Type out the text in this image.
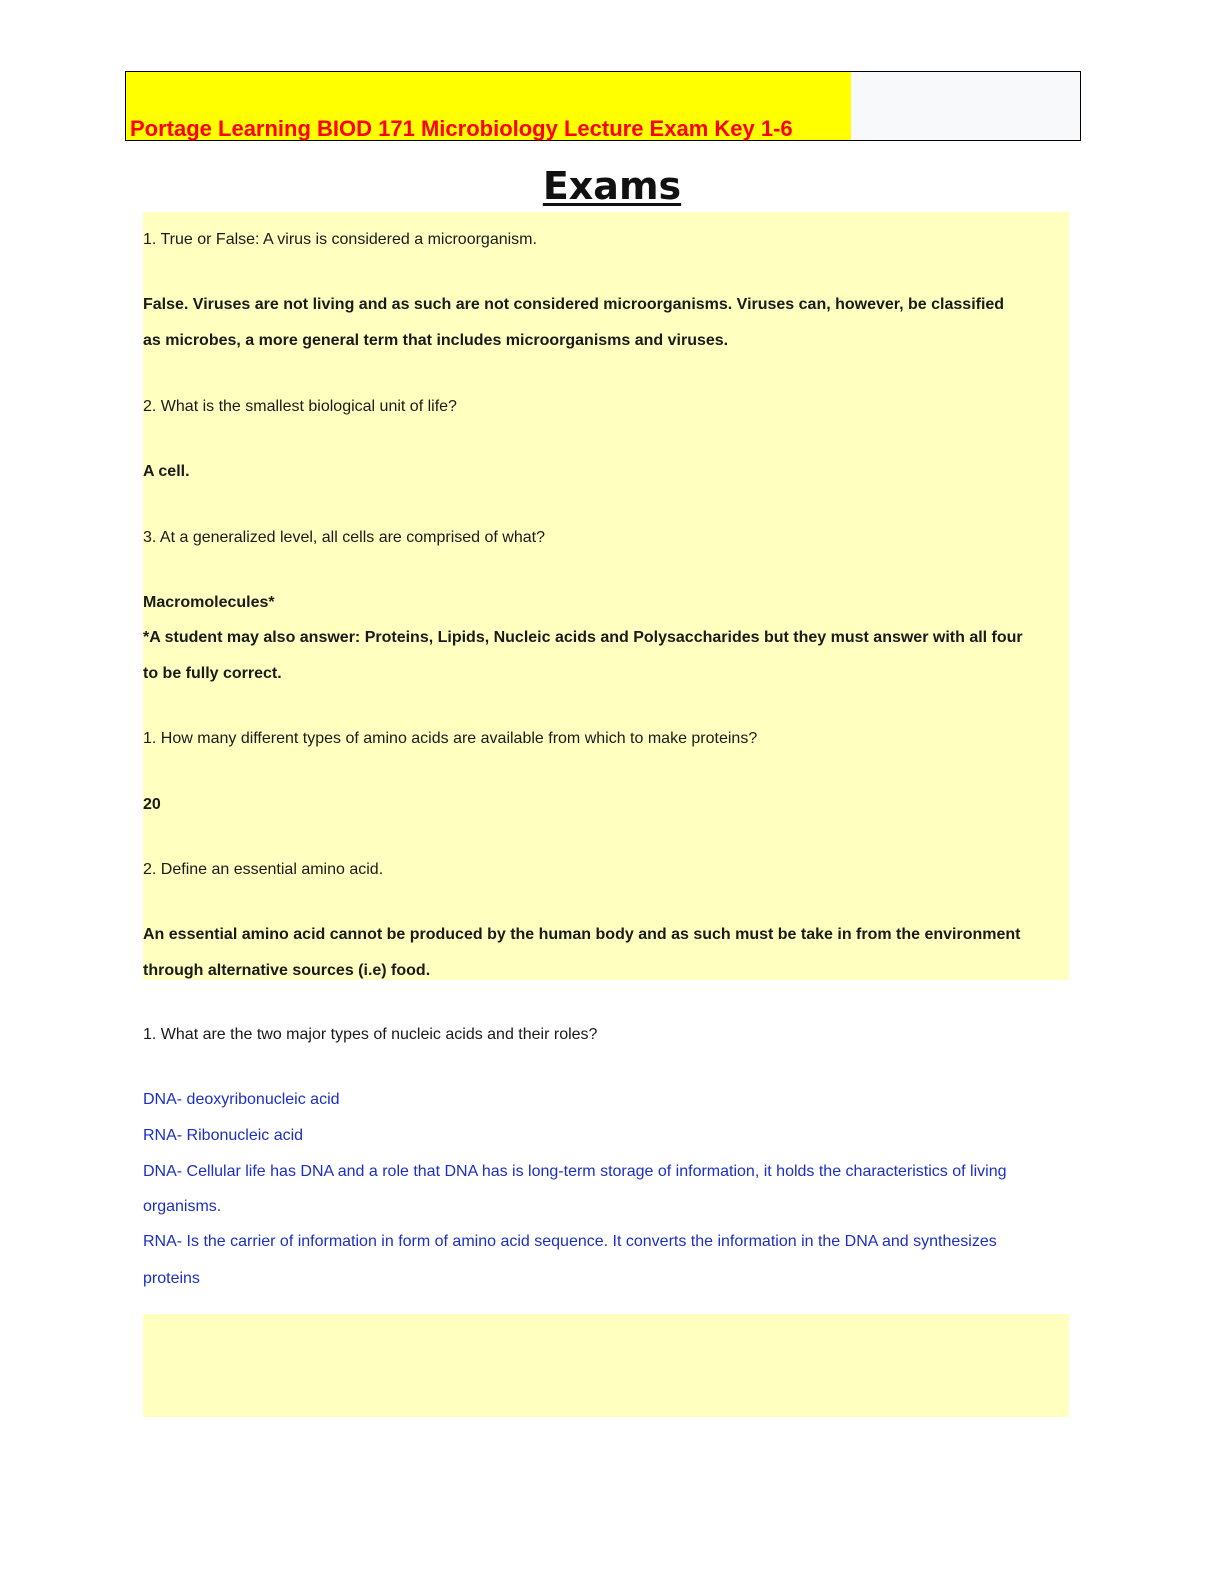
Portage Learning BIOD 171 Microbiology Lecture Exam Key 1-6
Exams
1. True or False: A virus is considered a microorganism.
False. Viruses are not living and as such are not considered microorganisms. Viruses can, however, be classified
as microbes, a more general term that includes microorganisms and viruses.
2. What is the smallest biological unit of life?
A cell.
3. At a generalized level, all cells are comprised of what?
Macromolecules*
*A student may also answer: Proteins, Lipids, Nucleic acids and Polysaccharides but they must answer with all four
to be fully correct.
1. How many different types of amino acids are available from which to make proteins?
20
2. Define an essential amino acid.
An essential amino acid cannot be produced by the human body and as such must be take in from the environment
through alternative sources (i.e) food.
1. What are the two major types of nucleic acids and their roles?
DNA- deoxyribonucleic acid
RNA- Ribonucleic acid
DNA- Cellular life has DNA and a role that DNA has is long-term storage of information, it holds the characteristics of living
organisms.
RNA- Is the carrier of information in form of amino acid sequence. It converts the information in the DNA and synthesizes
proteins
